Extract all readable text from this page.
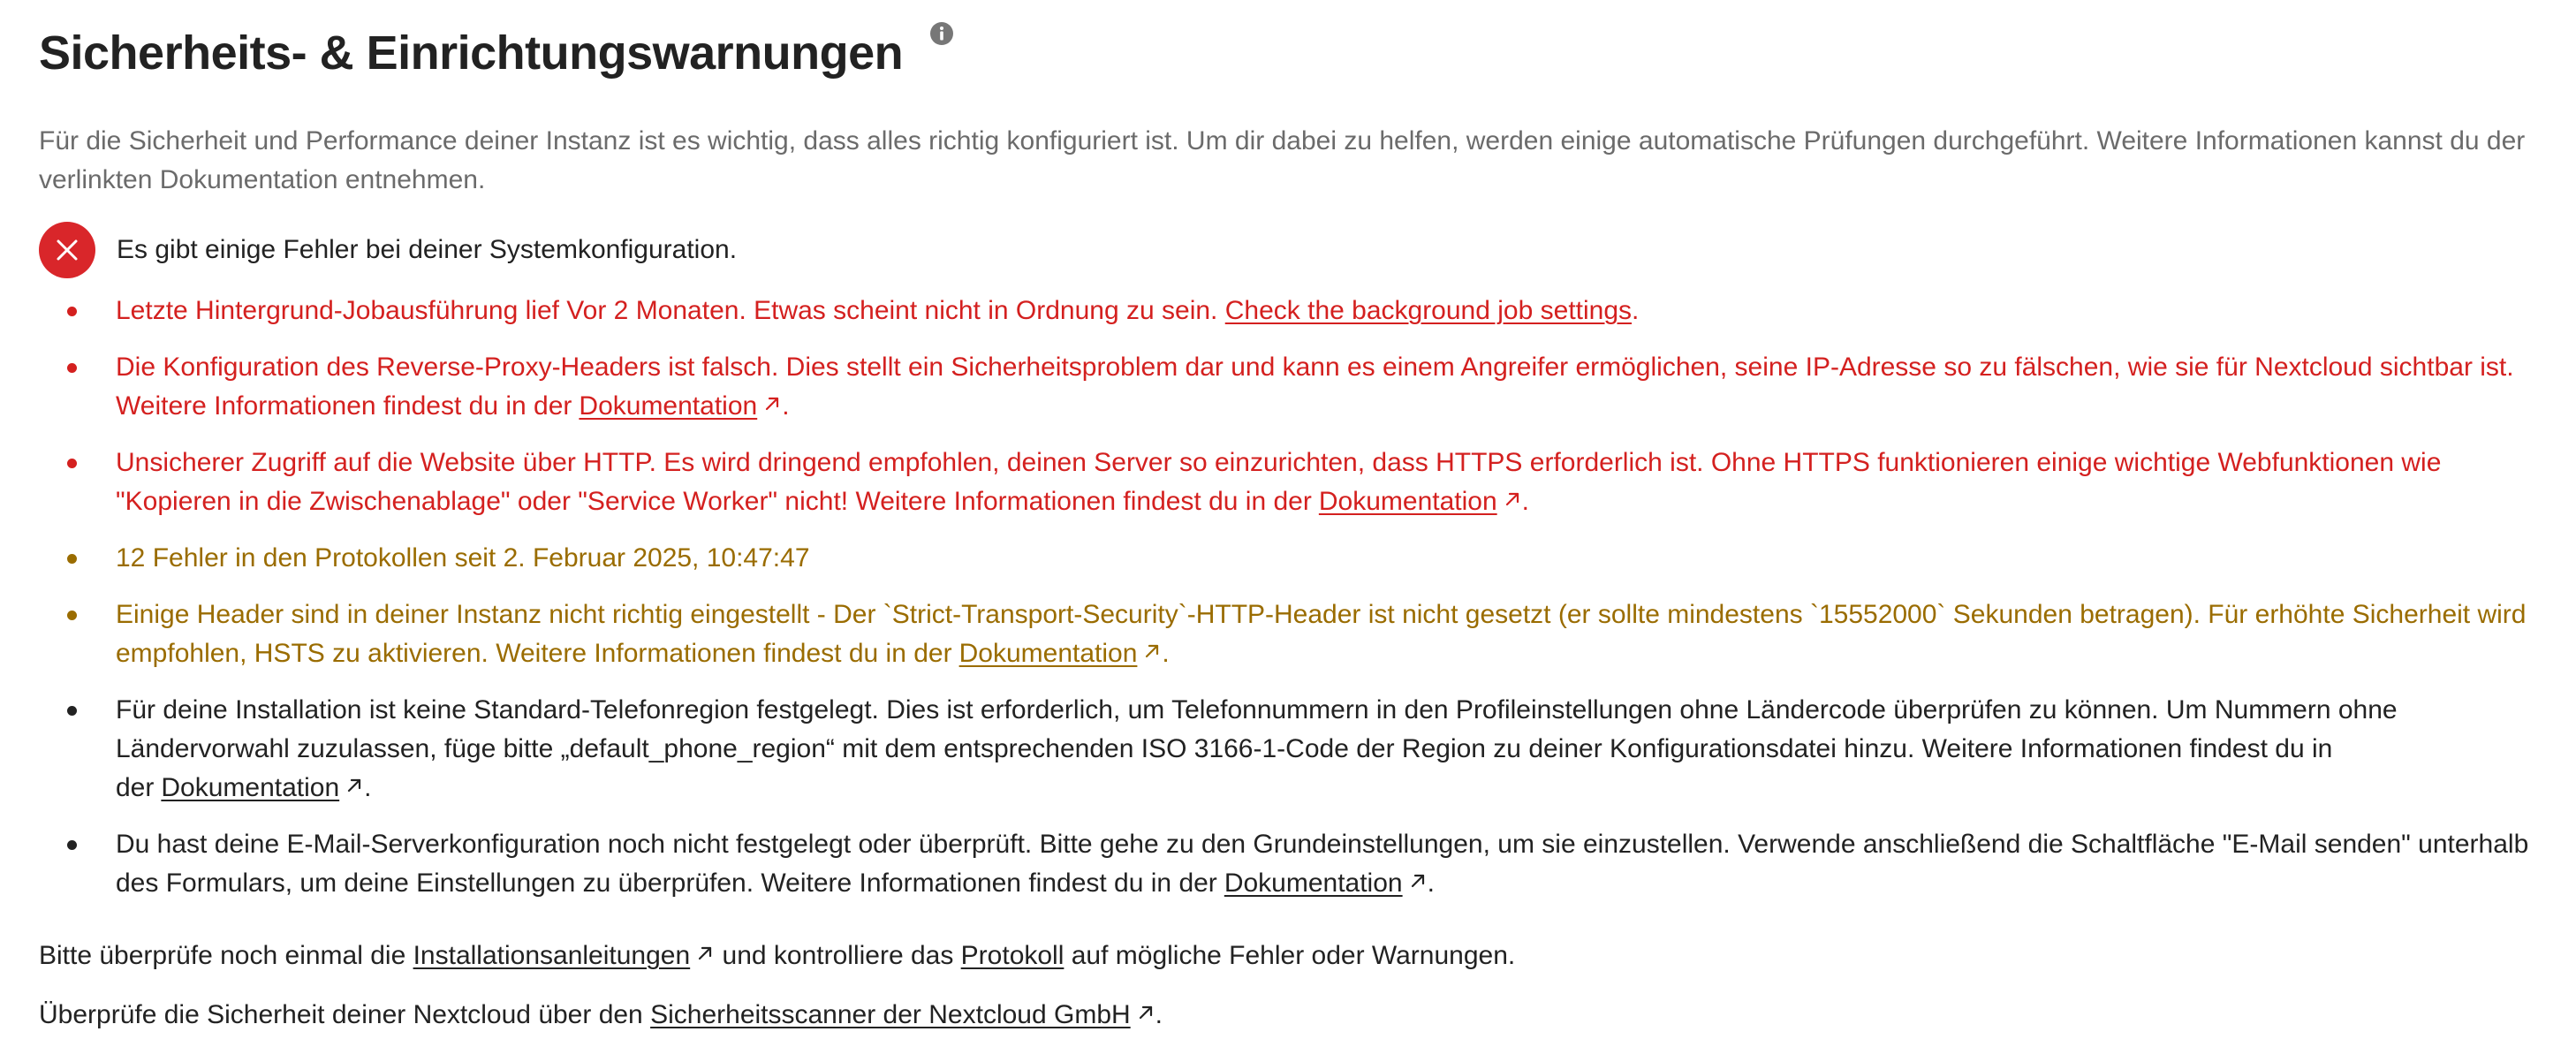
Sicherheits- & Einrichtungswarnungen

Für die Sicherheit und Performance deiner Instanz ist es wichtig, dass alles richtig konfiguriert ist. Um dir dabei zu helfen, werden einige automatische Prüfungen durchgeführt. Weitere Informationen kannst du der verlinkten Dokumentation entnehmen.

Es gibt einige Fehler bei deiner Systemkonfiguration.
Letzte Hintergrund-Jobausführung lief Vor 2 Monaten. Etwas scheint nicht in Ordnung zu sein. Check the background job settings.
Die Konfiguration des Reverse-Proxy-Headers ist falsch. Dies stellt ein Sicherheitsproblem dar und kann es einem Angreifer ermöglichen, seine IP-Adresse so zu fälschen, wie sie für Nextcloud sichtbar ist. Weitere Informationen findest du in der Dokumentation .
Unsicherer Zugriff auf die Website über HTTP. Es wird dringend empfohlen, deinen Server so einzurichten, dass HTTPS erforderlich ist. Ohne HTTPS funktionieren einige wichtige Webfunktionen wie "Kopieren in die Zwischenablage" oder "Service Worker" nicht! Weitere Informationen findest du in der Dokumentation .
12 Fehler in den Protokollen seit 2. Februar 2025, 10:47:47
Einige Header sind in deiner Instanz nicht richtig eingestellt - Der `Strict-Transport-Security`-HTTP-Header ist nicht gesetzt (er sollte mindestens `15552000` Sekunden betragen). Für erhöhte Sicherheit wird empfohlen, HSTS zu aktivieren. Weitere Informationen findest du in der Dokumentation .
Für deine Installation ist keine Standard-Telefonregion festgelegt. Dies ist erforderlich, um Telefonnummern in den Profileinstellungen ohne Ländercode überprüfen zu können. Um Nummern ohne Ländervorwahl zuzulassen, füge bitte „default_phone_region“ mit dem entsprechenden ISO 3166-1-Code der Region zu deiner Konfigurationsdatei hinzu. Weitere Informationen findest du in der Dokumentation .
Du hast deine E-Mail-Serverkonfiguration noch nicht festgelegt oder überprüft. Bitte gehe zu den Grundeinstellungen, um sie einzustellen. Verwende anschließend die Schaltfläche "E-Mail senden" unterhalb des Formulars, um deine Einstellungen zu überprüfen. Weitere Informationen findest du in der Dokumentation .

Bitte überprüfe noch einmal die Installationsanleitungen und kontrolliere das Protokoll auf mögliche Fehler oder Warnungen.

Überprüfe die Sicherheit deiner Nextcloud über den Sicherheitsscanner der Nextcloud GmbH .
